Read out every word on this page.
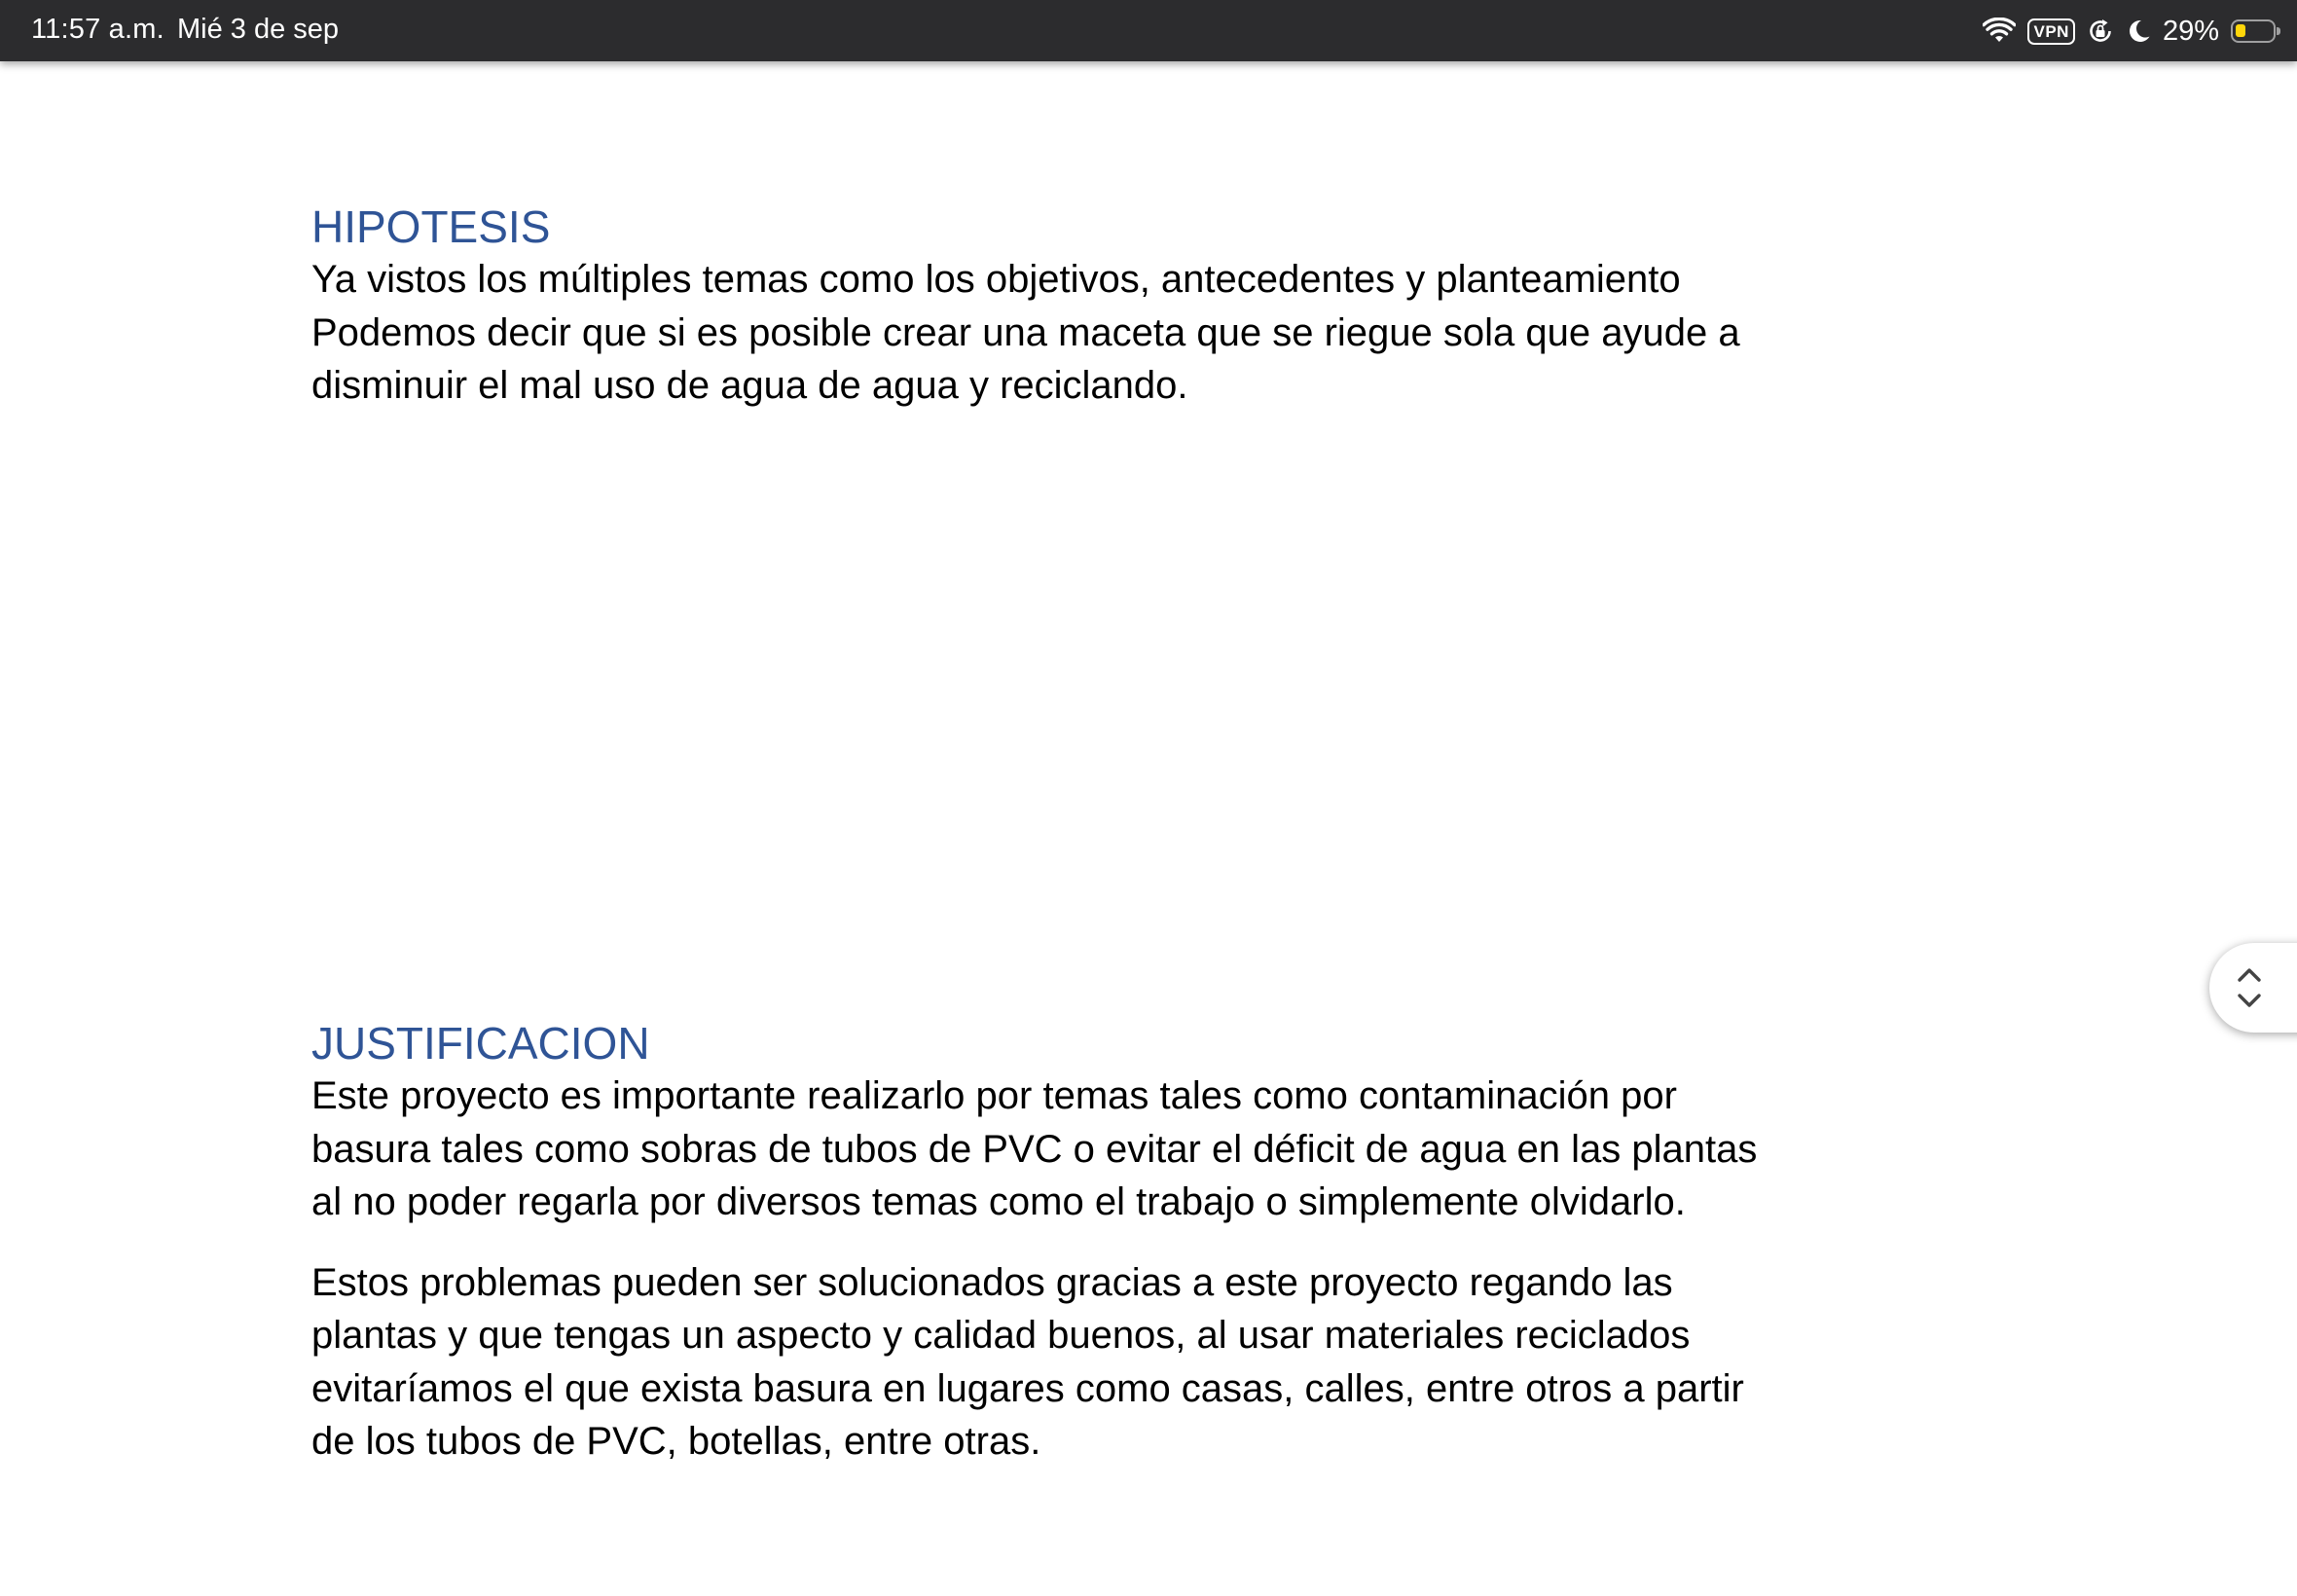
11:57 a.m. Mié 3 de sep	VPN	29%
HIPOTESIS

Ya vistos los múltiples temas como los objetivos, antecedentes y planteamiento Podemos decir que si es posible crear una maceta que se riegue sola que ayude a disminuir el mal uso de agua de agua y reciclando.

JUSTIFICACION

Este proyecto es importante realizarlo por temas tales como contaminación por basura tales como sobras de tubos de PVC o evitar el déficit de agua en las plantas al no poder regarla por diversos temas como el trabajo o simplemente olvidarlo.

Estos problemas pueden ser solucionados gracias a este proyecto regando las plantas y que tengas un aspecto y calidad buenos, al usar materiales reciclados evitaríamos el que exista basura en lugares como casas, calles, entre otros a partir de los tubos de PVC, botellas, entre otras.
